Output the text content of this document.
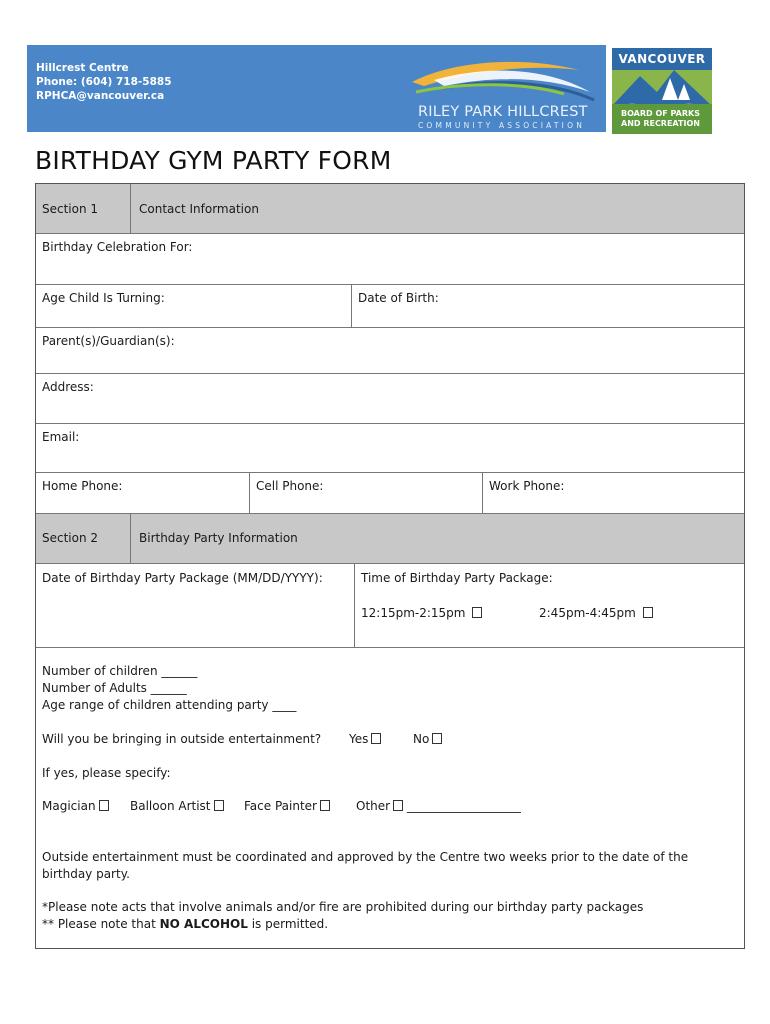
Hillcrest Centre
Phone: (604) 718-5885
RPHCA@vancouver.ca
RILEY PARK HILLCREST
COMMUNITY ASSOCIATION
VANCOUVER
BOARD OF PARKS
AND RECREATION
BIRTHDAY GYM PARTY FORM
Section 1	Contact Information
Birthday Celebration For:
Age Child Is Turning:	Date of Birth:
Parent(s)/Guardian(s):
Address:
Email:
Home Phone:	Cell Phone:	Work Phone:
Section 2	Birthday Party Information
Date of Birthday Party Package (MM/DD/YYYY):	Time of Birthday Party Package:
12:15pm-2:15pm	2:45pm-4:45pm
Number of children ______
Number of Adults ______
Age range of children attending party ____
Will you be bringing in outside entertainment? Yes	No
If yes, please specify:
Magician	Balloon Artist	Face Painter	Other ___________________
Outside entertainment must be coordinated and approved by the Centre two weeks prior to the date of the birthday party.
*Please note acts that involve animals and/or fire are prohibited during our birthday party packages
** Please note that NO ALCOHOL is permitted.
